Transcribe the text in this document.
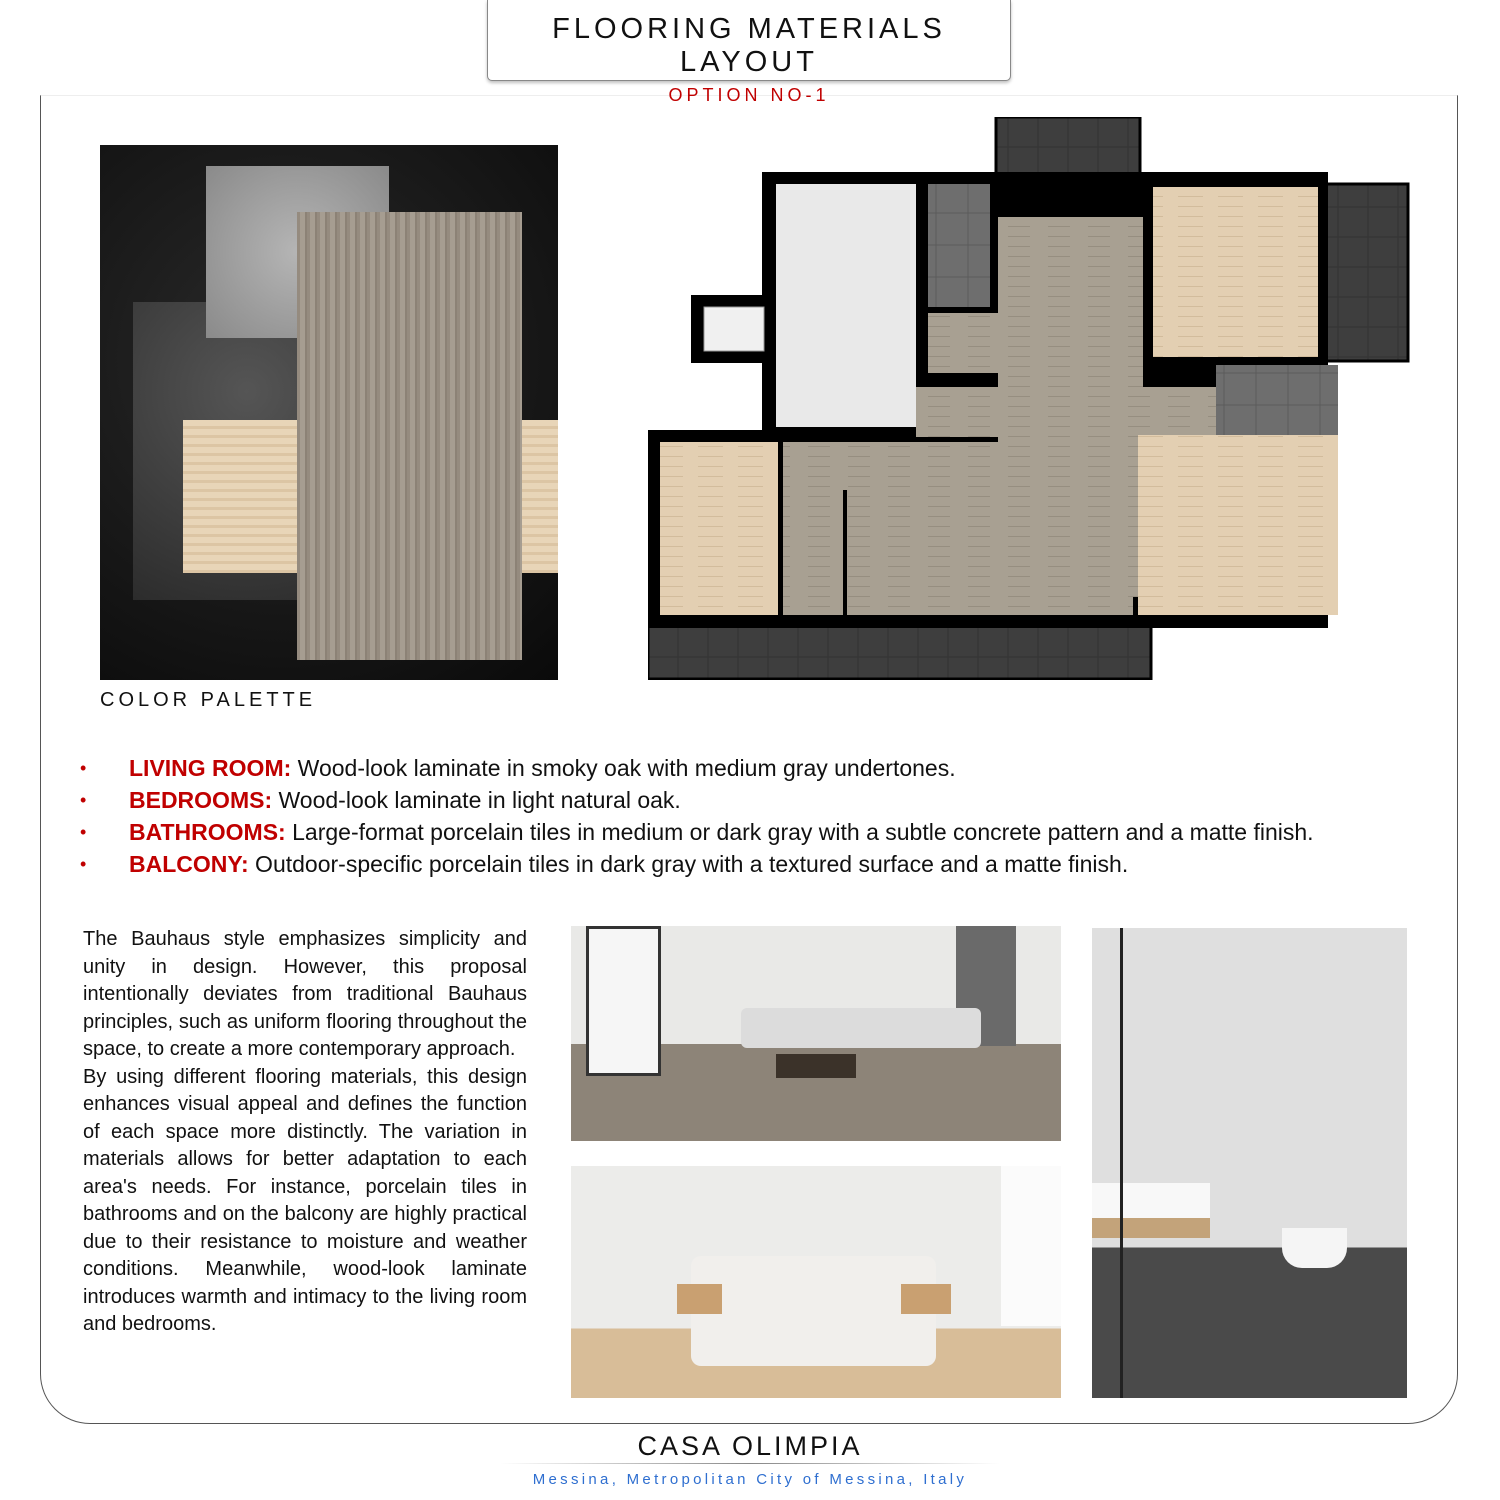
FLOORING MATERIALS LAYOUT
OPTION NO-1
COLOR PALETTE
• LIVING ROOM: Wood-look laminate in smoky oak with medium gray undertones.
• BEDROOMS: Wood-look laminate in light natural oak.
• BATHROOMS: Large-format porcelain tiles in medium or dark gray with a subtle concrete pattern and a matte finish.
• BALCONY: Outdoor-specific porcelain tiles in dark gray with a textured surface and a matte finish.
The Bauhaus style emphasizes simplicity and unity in design. However, this proposal intentionally deviates from traditional Bauhaus principles, such as uniform flooring throughout the space, to create a more contemporary approach.
By using different flooring materials, this design enhances visual appeal and defines the function of each space more distinctly. The variation in materials allows for better adaptation to each area's needs. For instance, porcelain tiles in bathrooms and on the balcony are highly practical due to their resistance to moisture and weather conditions. Meanwhile, wood-look laminate introduces warmth and intimacy to the living room and bedrooms.
CASA OLIMPIA
Messina, Metropolitan City of Messina, Italy
